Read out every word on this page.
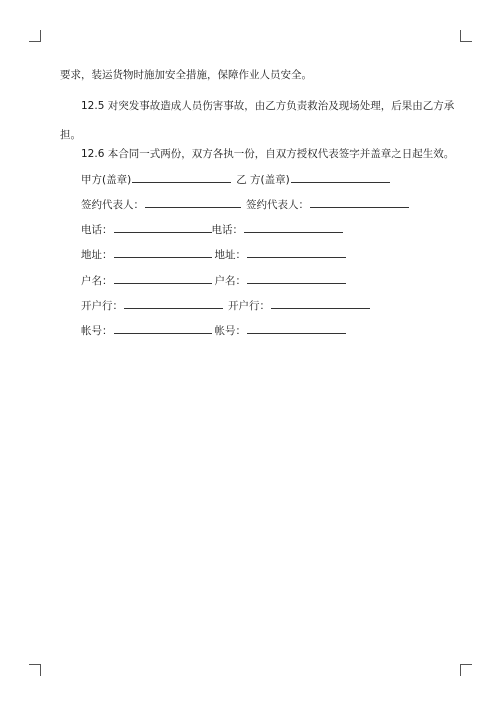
要求，装运货物时施加安全措施，保障作业人员安全。
12.5 对突发事故造成人员伤害事故，由乙方负责救治及现场处理，后果由乙方承
担。
12.6 本合同一式两份，双方各执一份，自双方授权代表签字并盖章之日起生效。
甲方(盖章)	乙 方(盖章)
签约代表人：	签约代表人：
电话：	电话：
地址：	地址：
户名：	户名：
开户行：	开户行：
帐号：	帐号：
